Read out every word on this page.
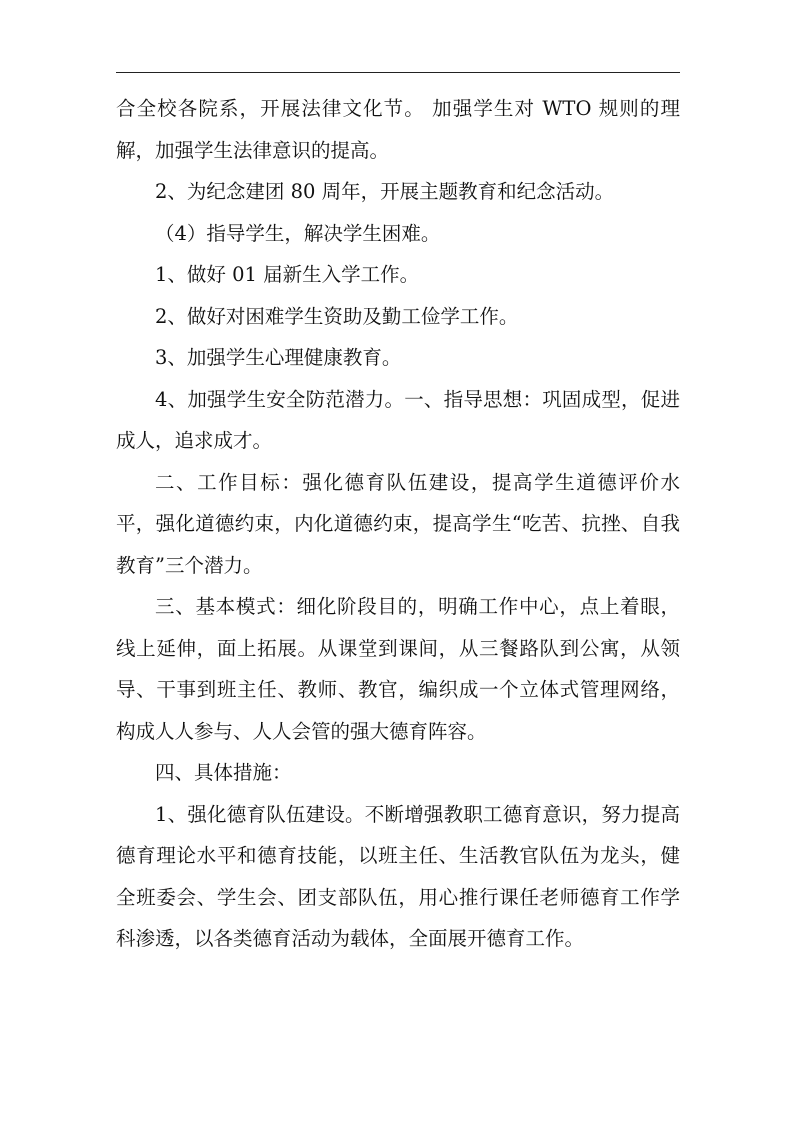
合全校各院系，开展法律文化节。 加强学生对 WTO 规则的理解，加强学生法律意识的提高。

2、为纪念建团 80 周年，开展主题教育和纪念活动。

（4）指导学生，解决学生困难。

1、做好 01 届新生入学工作。

2、做好对困难学生资助及勤工俭学工作。

3、加强学生心理健康教育。

4、加强学生安全防范潜力。一、指导思想：巩固成型，促进成人，追求成才。

二、工作目标：强化德育队伍建设，提高学生道德评价水平，强化道德约束，内化道德约束，提高学生“吃苦、抗挫、自我教育”三个潜力。

三、基本模式：细化阶段目的，明确工作中心，点上着眼，线上延伸，面上拓展。从课堂到课间，从三餐路队到公寓，从领导、干事到班主任、教师、教官，编织成一个立体式管理网络，构成人人参与、人人会管的强大德育阵容。

四、具体措施：

1、强化德育队伍建设。不断增强教职工德育意识，努力提高德育理论水平和德育技能，以班主任、生活教官队伍为龙头，健全班委会、学生会、团支部队伍，用心推行课任老师德育工作学科渗透，以各类德育活动为载体，全面展开德育工作。
